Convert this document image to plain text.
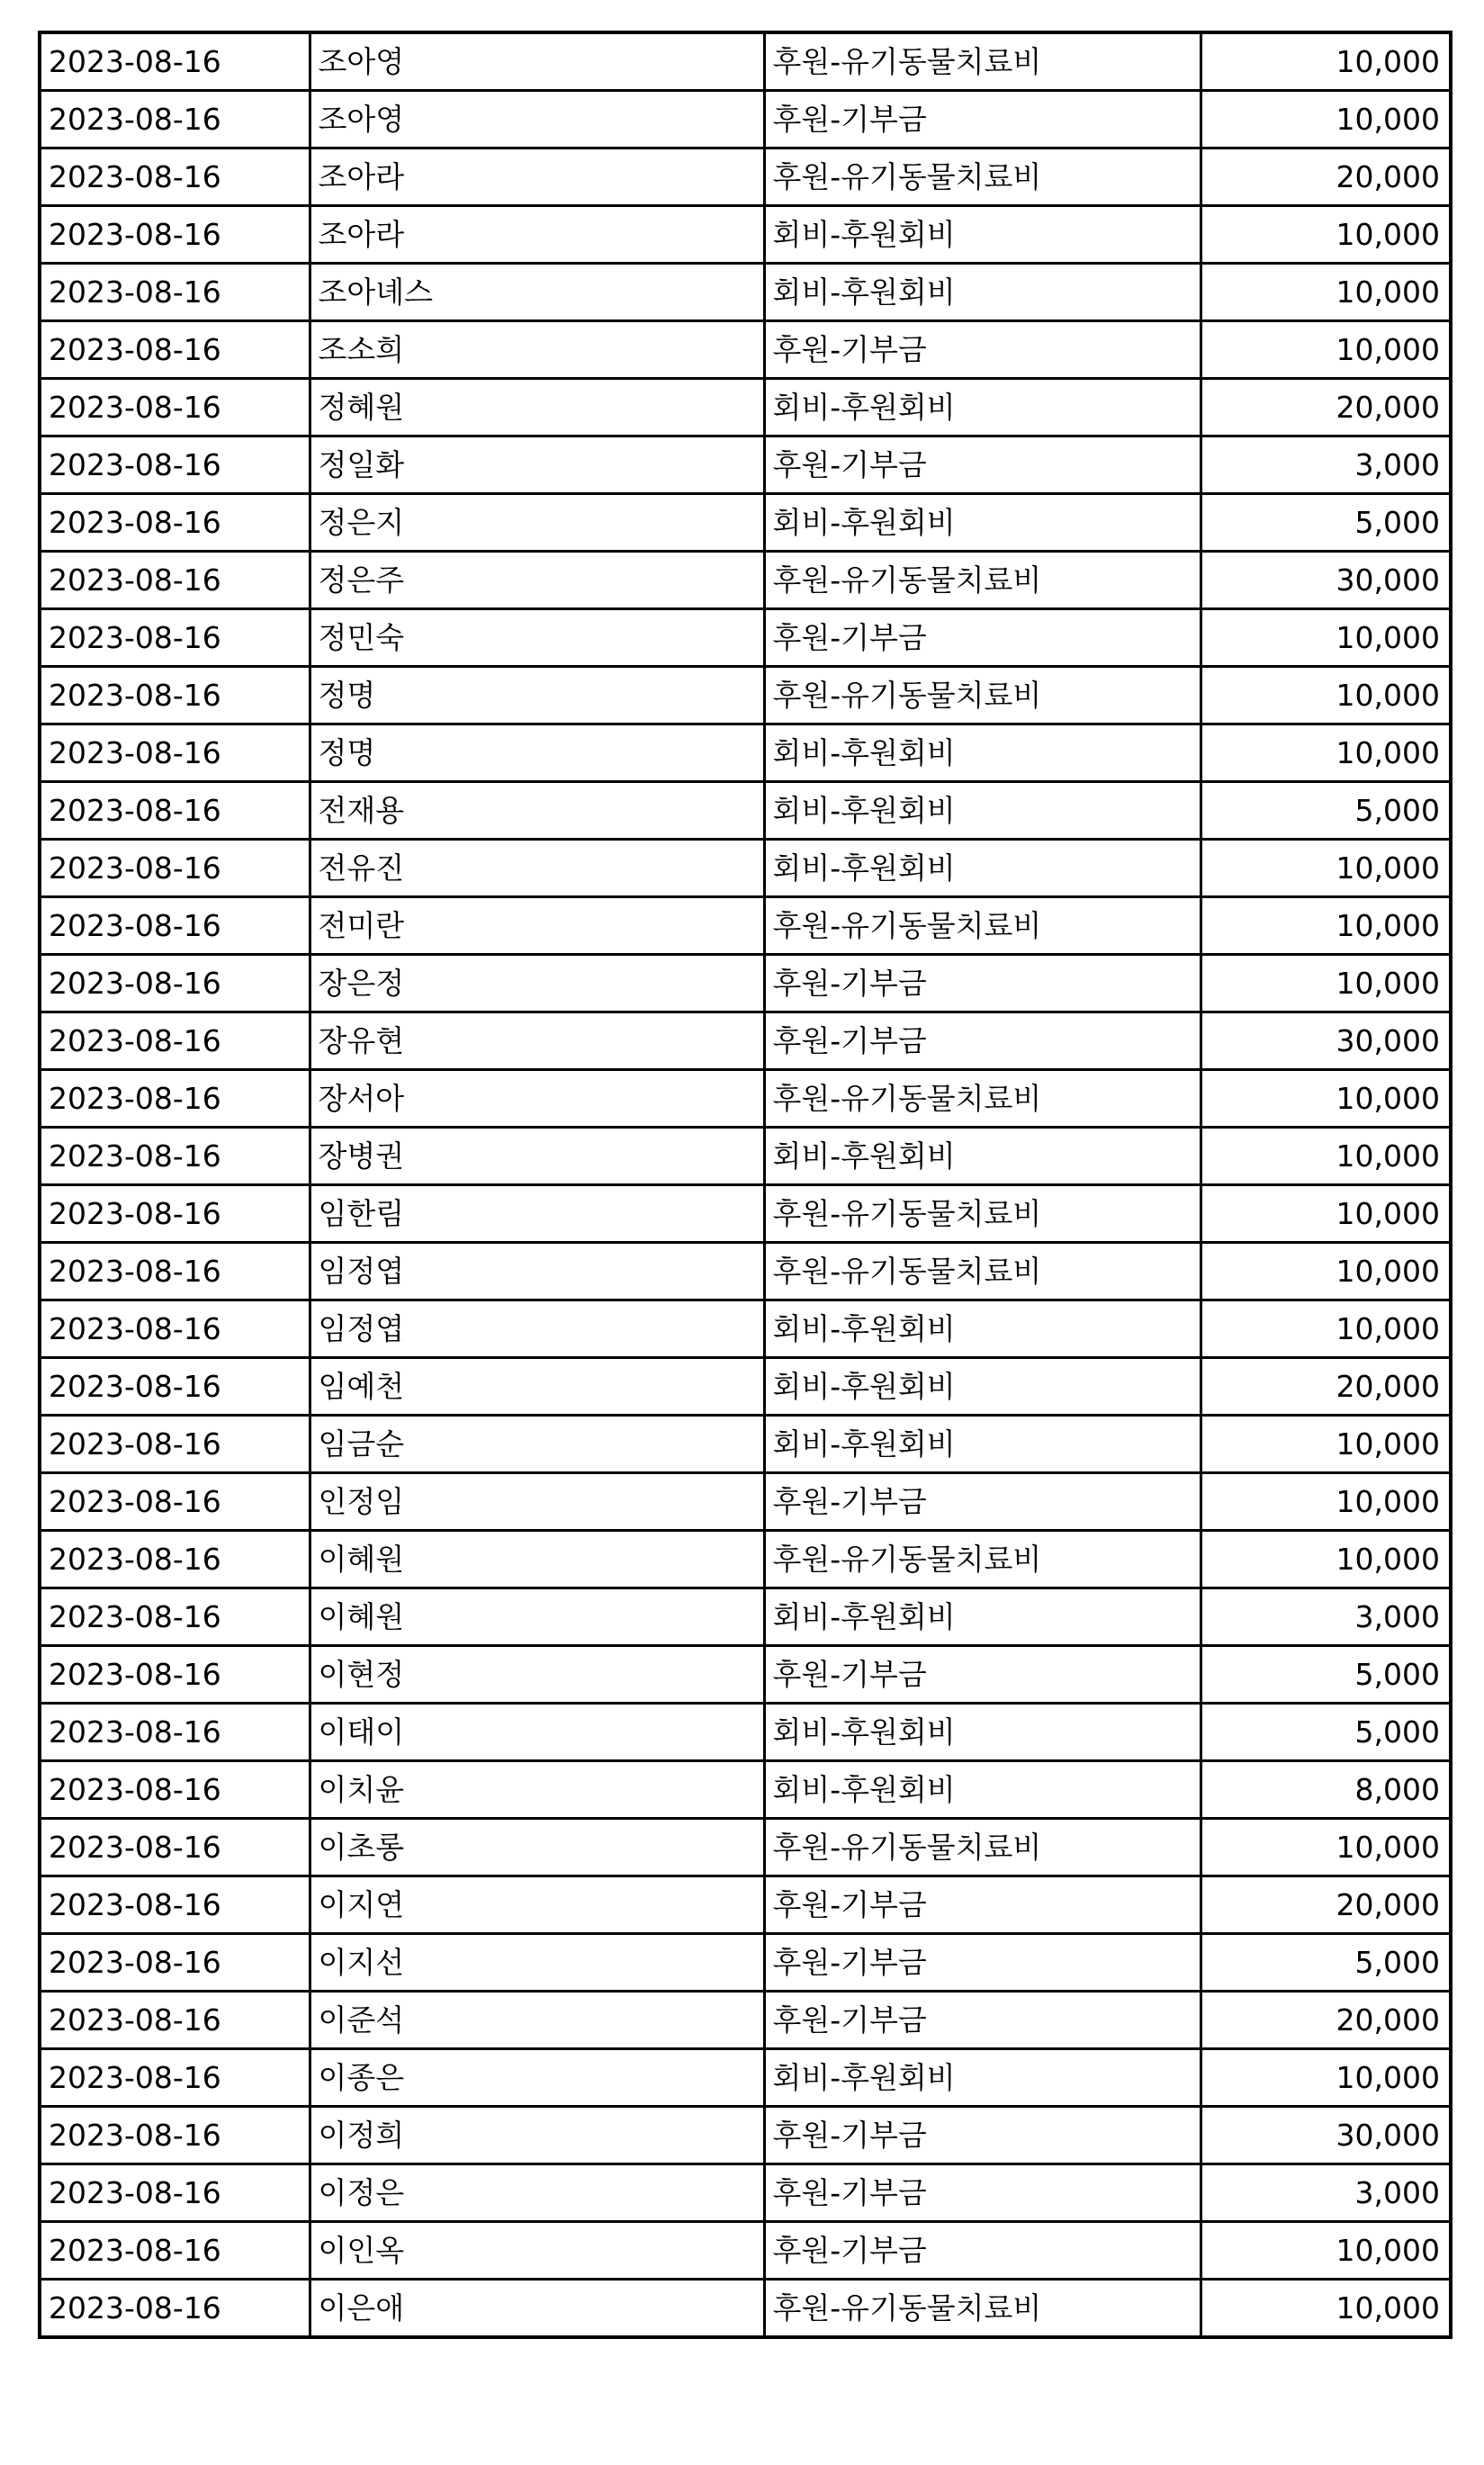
2023-08-16	조아영	후원-유기동물치료비	10,000
2023-08-16	조아영	후원-기부금	10,000
2023-08-16	조아라	후원-유기동물치료비	20,000
2023-08-16	조아라	회비-후원회비	10,000
2023-08-16	조아녜스	회비-후원회비	10,000
2023-08-16	조소희	후원-기부금	10,000
2023-08-16	정혜원	회비-후원회비	20,000
2023-08-16	정일화	후원-기부금	3,000
2023-08-16	정은지	회비-후원회비	5,000
2023-08-16	정은주	후원-유기동물치료비	30,000
2023-08-16	정민숙	후원-기부금	10,000
2023-08-16	정명	후원-유기동물치료비	10,000
2023-08-16	정명	회비-후원회비	10,000
2023-08-16	전재용	회비-후원회비	5,000
2023-08-16	전유진	회비-후원회비	10,000
2023-08-16	전미란	후원-유기동물치료비	10,000
2023-08-16	장은정	후원-기부금	10,000
2023-08-16	장유현	후원-기부금	30,000
2023-08-16	장서아	후원-유기동물치료비	10,000
2023-08-16	장병권	회비-후원회비	10,000
2023-08-16	임한림	후원-유기동물치료비	10,000
2023-08-16	임정엽	후원-유기동물치료비	10,000
2023-08-16	임정엽	회비-후원회비	10,000
2023-08-16	임예천	회비-후원회비	20,000
2023-08-16	임금순	회비-후원회비	10,000
2023-08-16	인정임	후원-기부금	10,000
2023-08-16	이혜원	후원-유기동물치료비	10,000
2023-08-16	이혜원	회비-후원회비	3,000
2023-08-16	이현정	후원-기부금	5,000
2023-08-16	이태이	회비-후원회비	5,000
2023-08-16	이치윤	회비-후원회비	8,000
2023-08-16	이초롱	후원-유기동물치료비	10,000
2023-08-16	이지연	후원-기부금	20,000
2023-08-16	이지선	후원-기부금	5,000
2023-08-16	이준석	후원-기부금	20,000
2023-08-16	이종은	회비-후원회비	10,000
2023-08-16	이정희	후원-기부금	30,000
2023-08-16	이정은	후원-기부금	3,000
2023-08-16	이인옥	후원-기부금	10,000
2023-08-16	이은애	후원-유기동물치료비	10,000
